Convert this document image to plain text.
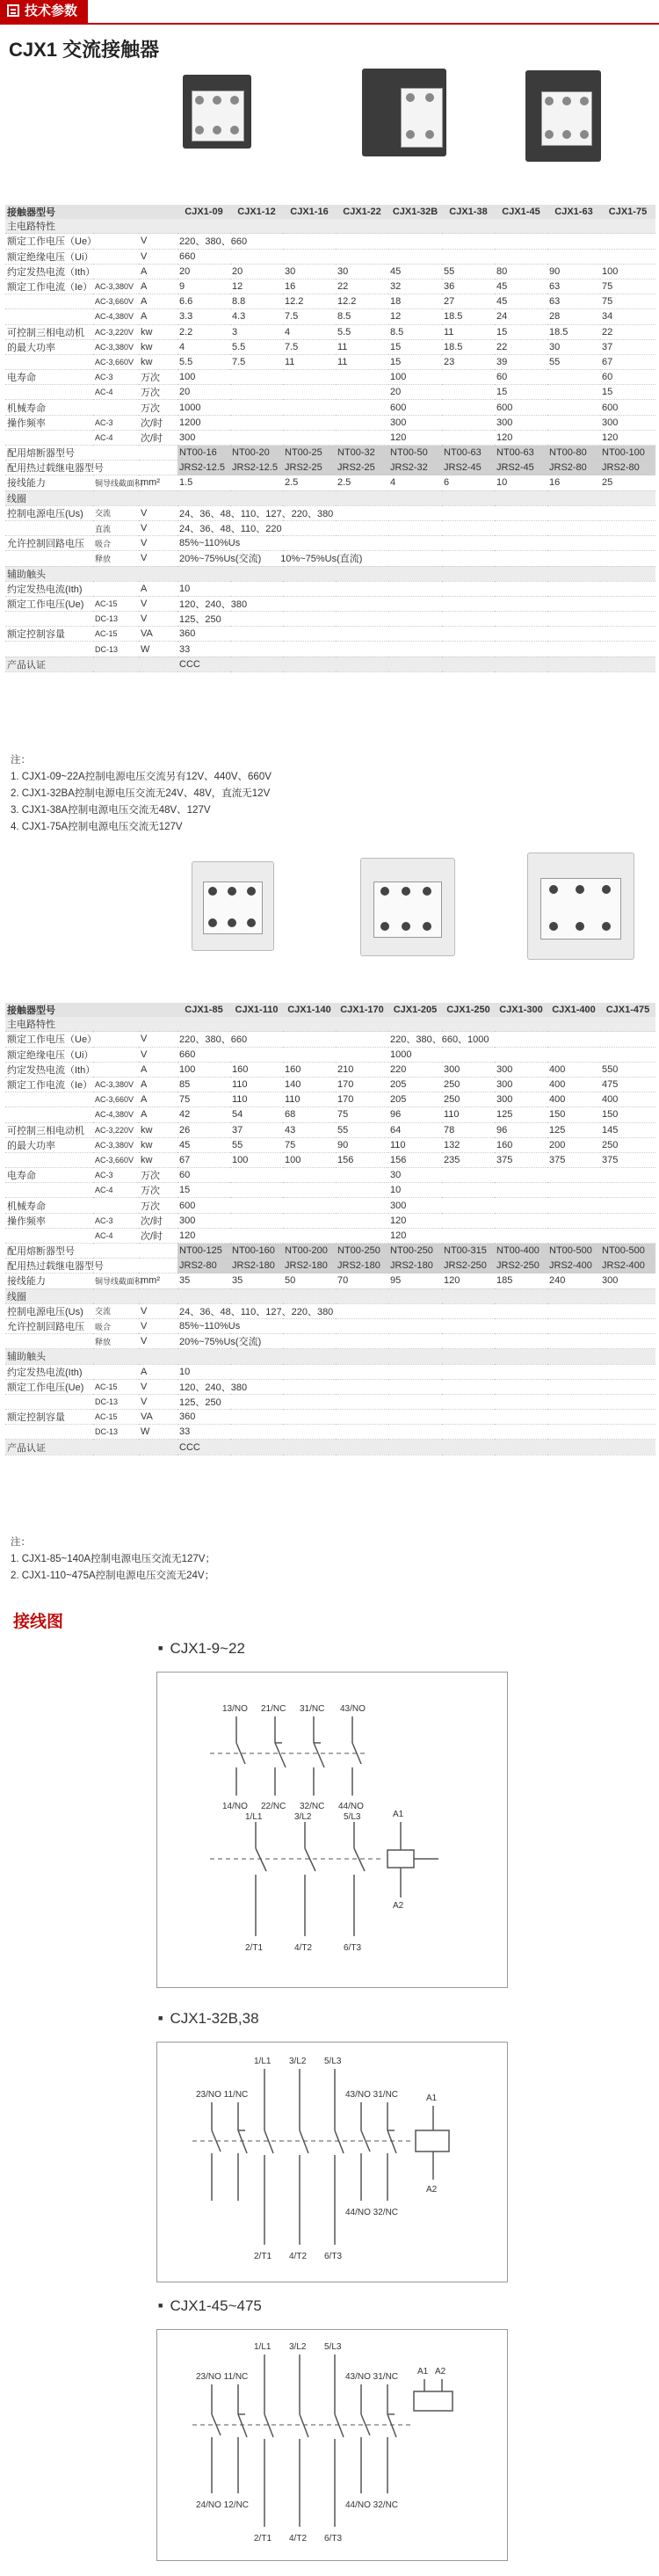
技术参数
CJX1 交流接触器
接触器型号			CJX1-09	CJX1-12	CJX1-16	CJX1-22	CJX1-32B	CJX1-38	CJX1-45	CJX1-63	CJX1-75
主电路特性											
额定工作电压（Ue）		V	220、380、660								
额定绝缘电压（Ui）		V	660								
约定发热电流（Ith）		A	20	20	30	30	45	55	80	90	100
额定工作电流（Ie）	AC-3,380V	A	9	12	16	22	32	36	45	63	75
	AC-3,660V	A	6.6	8.8	12.2	12.2	18	27	45	63	75
	AC-4,380V	A	3.3	4.3	7.5	8.5	12	18.5	24	28	34
可控制三相电动机	AC-3,220V	kw	2.2	3	4	5.5	8.5	11	15	18.5	22
的最大功率	AC-3,380V	kw	4	5.5	7.5	11	15	18.5	22	30	37
	AC-3,660V	kw	5.5	7.5	11	11	15	23	39	55	67
电寿命	AC-3	万次	100				100		60		60
	AC-4	万次	20				20		15		15
机械寿命		万次	1000				600		600		600
操作频率	AC-3	次/时	1200				300		300		300
	AC-4	次/时	300				120		120		120
配用熔断器型号			NT00-16	NT00-20	NT00-25	NT00-32	NT00-50	NT00-63	NT00-63	NT00-80	NT00-100
配用热过载继电器型号			JRS2-12.5	JRS2-12.5	JRS2-25	JRS2-25	JRS2-32	JRS2-45	JRS2-45	JRS2-80	JRS2-80
接线能力	铜导线截面积	mm²	1.5		2.5	2.5	4	6	10	16	25
线圈											
控制电源电压(Us)	交流	V	24、36、48、110、127、220、380								
	直流	V	24、36、48、110、220								
允许控制回路电压	吸合	V	85%~110%Us								
	释放	V	20%~75%Us(交流)　　10%~75%Us(直流)								
辅助触头											
约定发热电流(Ith)		A	10								
额定工作电压(Ue)	AC-15	V	120、240、380								
	DC-13	V	125、250								
额定控制容量	AC-15	VA	360								
	DC-13	W	33								
产品认证			CCC								
注：
1. CJX1-09~22A控制电源电压交流另有12V、440V、660V
2. CJX1-32BA控制电源电压交流无24V、48V，直流无12V
3. CJX1-38A控制电源电压交流无48V、127V
4. CJX1-75A控制电源电压交流无127V
接触器型号			CJX1-85	CJX1-110	CJX1-140	CJX1-170	CJX1-205	CJX1-250	CJX1-300	CJX1-400	CJX1-475
主电路特性											
额定工作电压（Ue）		V	220、380、660				220、380、660、1000				
额定绝缘电压（Ui）		V	660				1000				
约定发热电流（Ith）		A	100	160	160	210	220	300	300	400	550
额定工作电流（Ie）	AC-3,380V	A	85	110	140	170	205	250	300	400	475
	AC-3,660V	A	75	110	110	170	205	250	300	400	400
	AC-4,380V	A	42	54	68	75	96	110	125	150	150
可控制三相电动机	AC-3,220V	kw	26	37	43	55	64	78	96	125	145
的最大功率	AC-3,380V	kw	45	55	75	90	110	132	160	200	250
	AC-3,660V	kw	67	100	100	156	156	235	375	375	375
电寿命	AC-3	万次	60				30				
	AC-4	万次	15				10				
机械寿命		万次	600				300				
操作频率	AC-3	次/时	300				120				
	AC-4	次/时	120				120				
配用熔断器型号			NT00-125	NT00-160	NT00-200	NT00-250	NT00-250	NT00-315	NT00-400	NT00-500	NT00-500
配用热过载继电器型号			JRS2-80	JRS2-180	JRS2-180	JRS2-180	JRS2-180	JRS2-250	JRS2-250	JRS2-400	JRS2-400
接线能力	铜导线截面积	mm²	35	35	50	70	95	120	185	240	300
线圈											
控制电源电压(Us)	交流	V	24、36、48、110、127、220、380								
允许控制回路电压	吸合	V	85%~110%Us								
	释放	V	20%~75%Us(交流)								
辅助触头											
约定发热电流(Ith)		A	10								
额定工作电压(Ue)	AC-15	V	120、240、380								
	DC-13	V	125、250								
额定控制容量	AC-15	VA	360								
	DC-13	W	33								
产品认证			CCC								
注：
1. CJX1-85~140A控制电源电压交流无127V；
2. CJX1-110~475A控制电源电压交流无24V；
接线图
■ CJX1-9~22
13/NO 21/NC 31/NC 43/NO
14/NO 22/NC 32/NC 44/NO
1/L1	3/L2	5/L3
2/T1	4/T2	6/T3
A1
A2
■ CJX1-32B,38
1/L1 3/L2 5/L3
23/NO 11/NC	43/NO 31/NC
44/NO 32/NC
2/T1 4/T2 6/T3
A1
A2
■ CJX1-45~475
1/L1 3/L2 5/L3
23/NO 11/NC	43/NO 31/NC
24/NO 12/NC	44/NO 32/NC
2/T1 4/T2 6/T3
A1 A2
